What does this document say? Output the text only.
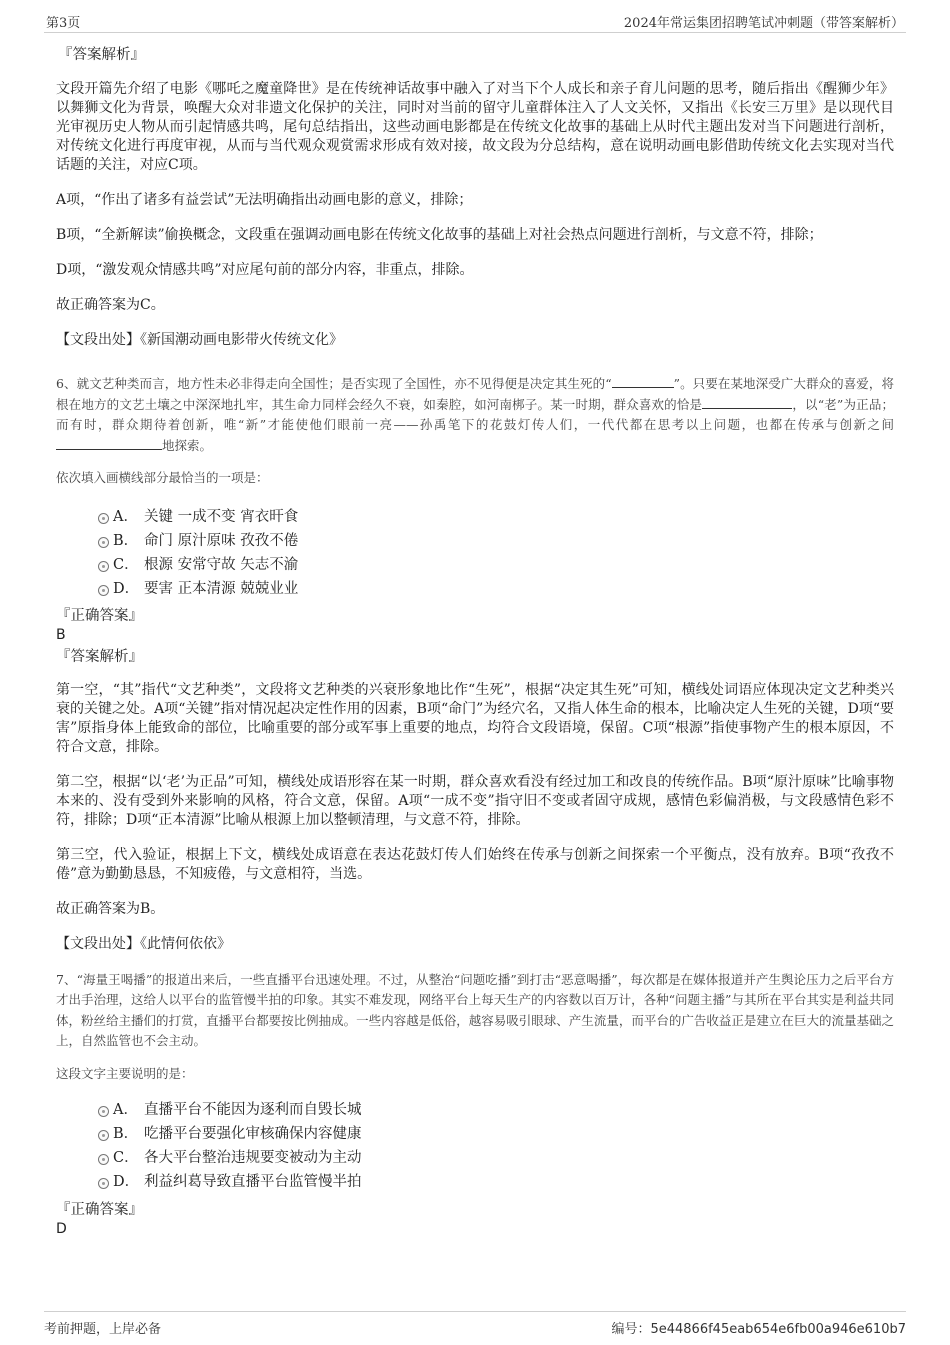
第3页	2024年常运集团招聘笔试冲刺题（带答案解析）

『答案解析』

文段开篇先介绍了电影《哪吒之魔童降世》是在传统神话故事中融入了对当下个人成长和亲子育儿问题的思考，随后指出《醒狮少年》以舞狮文化为背景，唤醒大众对非遗文化保护的关注，同时对当前的留守儿童群体注入了人文关怀，又指出《长安三万里》是以现代目光审视历史人物从而引起情感共鸣，尾句总结指出，这些动画电影都是在传统文化故事的基础上从时代主题出发对当下问题进行剖析，对传统文化进行再度审视，从而与当代观众观赏需求形成有效对接，故文段为分总结构，意在说明动画电影借助传统文化去实现对当代话题的关注，对应C项。

A项，“作出了诸多有益尝试”无法明确指出动画电影的意义，排除；

B项，“全新解读”偷换概念，文段重在强调动画电影在传统文化故事的基础上对社会热点问题进行剖析，与文意不符，排除；

D项，“激发观众情感共鸣”对应尾句前的部分内容，非重点，排除。

故正确答案为C。

【文段出处】《新国潮动画电影带火传统文化》

6、就文艺种类而言，地方性未必非得走向全国性；是否实现了全国性，亦不见得便是决定其生死的“	”。只要在某地深受广大群众的喜爱，将根在地方的文艺土壤之中深深地扎牢，其生命力同样会经久不衰，如秦腔，如河南梆子。某一时期，群众喜欢的恰是	，以“老”为正品；而有时，群众期待着创新，唯“新”才能使他们眼前一亮——孙禹笔下的花鼓灯传人们，一代代都在思考以上问题，也都在传承与创新之间地探索。

依次填入画横线部分最恰当的一项是：

A． 关键 一成不变 宵衣旰食
B． 命门 原汁原味 孜孜不倦
C． 根源 安常守故 矢志不渝
D． 要害 正本清源 兢兢业业

『正确答案』

B

『答案解析』

第一空，“其”指代“文艺种类”，文段将文艺种类的兴衰形象地比作“生死”，根据“决定其生死”可知，横线处词语应体现决定文艺种类兴衰的关键之处。A项“关键”指对情况起决定性作用的因素，B项“命门”为经穴名，又指人体生命的根本，比喻决定人生死的关键，D项“要害”原指身体上能致命的部位，比喻重要的部分或军事上重要的地点，均符合文段语境，保留。C项“根源”指使事物产生的根本原因，不符合文意，排除。

第二空，根据“以‘老’为正品”可知，横线处成语形容在某一时期，群众喜欢看没有经过加工和改良的传统作品。B项“原汁原味”比喻事物本来的、没有受到外来影响的风格，符合文意，保留。A项“一成不变”指守旧不变或者固守成规，感情色彩偏消极，与文段感情色彩不符，排除；D项“正本清源”比喻从根源上加以整顿清理，与文意不符，排除。

第三空，代入验证，根据上下文，横线处成语意在表达花鼓灯传人们始终在传承与创新之间探索一个平衡点，没有放弃。B项“孜孜不倦”意为勤勤恳恳，不知疲倦，与文意相符，当选。

故正确答案为B。

【文段出处】《此情何依依》

7、“海量王喝播”的报道出来后，一些直播平台迅速处理。不过，从整治“问题吃播”到打击“恶意喝播”，每次都是在媒体报道并产生舆论压力之后平台方才出手治理，这给人以平台的监管慢半拍的印象。其实不难发现，网络平台上每天生产的内容数以百万计，各种“问题主播”与其所在平台其实是利益共同体，粉丝给主播们的打赏，直播平台都要按比例抽成。一些内容越是低俗，越容易吸引眼球、产生流量，而平台的广告收益正是建立在巨大的流量基础之上，自然监管也不会主动。

这段文字主要说明的是：

A． 直播平台不能因为逐利而自毁长城
B． 吃播平台要强化审核确保内容健康
C． 各大平台整治违规要变被动为主动
D． 利益纠葛导致直播平台监管慢半拍

『正确答案』

D

考前押题，上岸必备	编号：5e44866f45eab654e6fb00a946e610b7
